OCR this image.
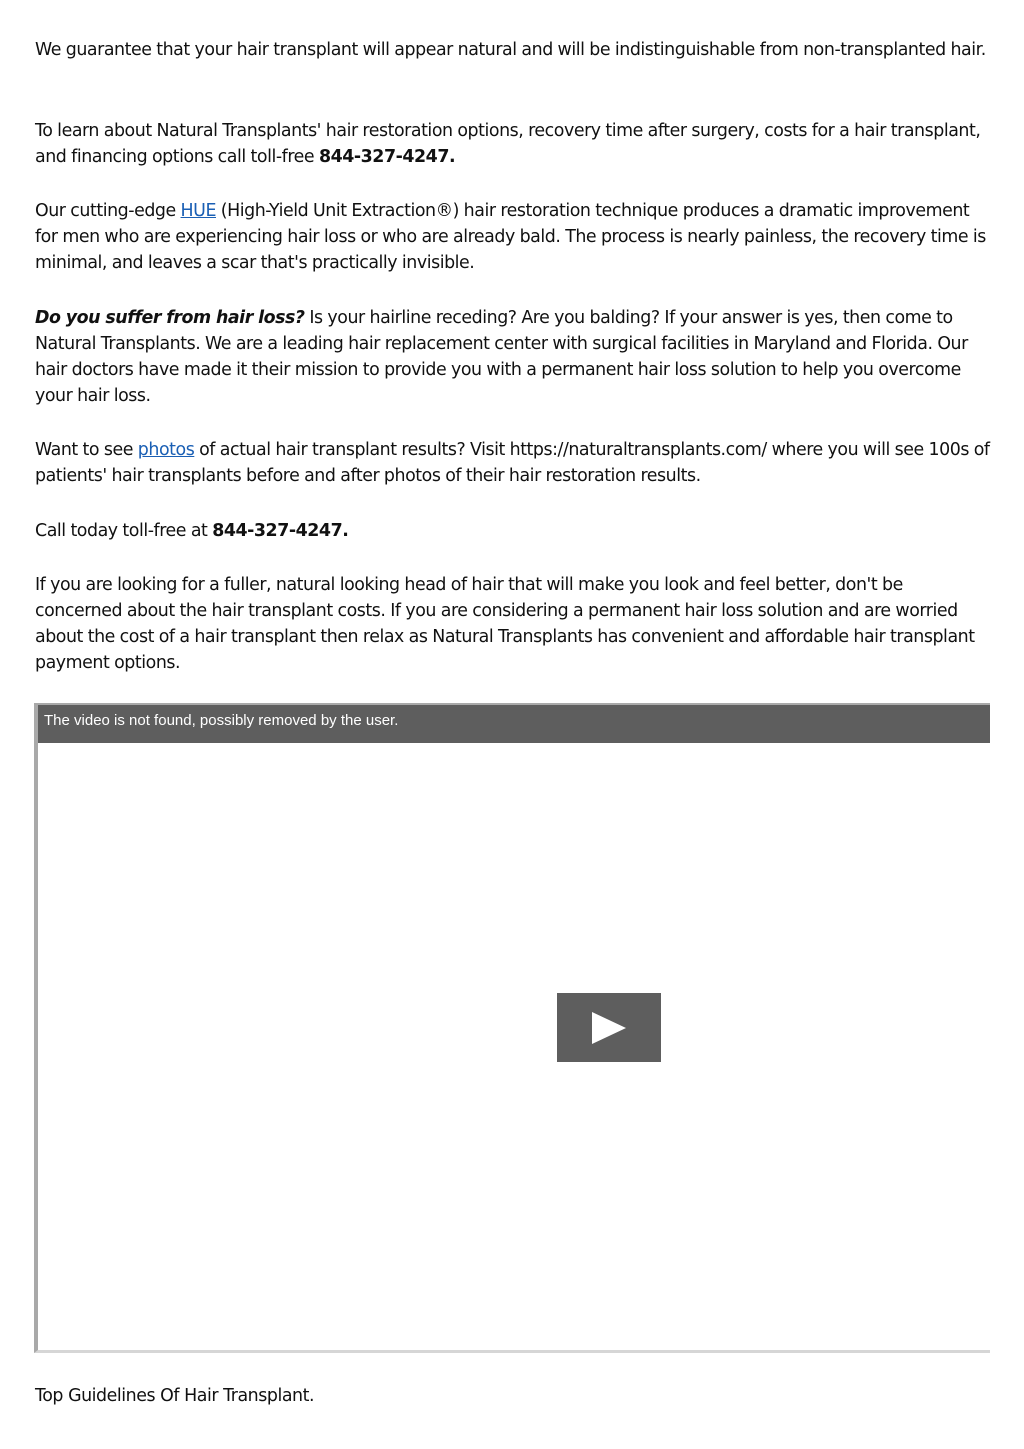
We guarantee that your hair transplant will appear natural and will be indistinguishable from non-transplanted hair.

To learn about Natural Transplants' hair restoration options, recovery time after surgery, costs for a hair transplant, and financing options call toll-free 844-327-4247.

Our cutting-edge HUE (High-Yield Unit Extraction®) hair restoration technique produces a dramatic improvement for men who are experiencing hair loss or who are already bald. The process is nearly painless, the recovery time is minimal, and leaves a scar that's practically invisible.

Do you suffer from hair loss? Is your hairline receding? Are you balding? If your answer is yes, then come to Natural Transplants. We are a leading hair replacement center with surgical facilities in Maryland and Florida. Our hair doctors have made it their mission to provide you with a permanent hair loss solution to help you overcome your hair loss.

Want to see photos of actual hair transplant results? Visit https://naturaltransplants.com/ where you will see 100s of patients' hair transplants before and after photos of their hair restoration results.

Call today toll-free at 844-327-4247.

If you are looking for a fuller, natural looking head of hair that will make you look and feel better, don't be concerned about the hair transplant costs. If you are considering a permanent hair loss solution and are worried about the cost of a hair transplant then relax as Natural Transplants has convenient and affordable hair transplant payment options.

The video is not found, possibly removed by the user.

Top Guidelines Of Hair Transplant.
